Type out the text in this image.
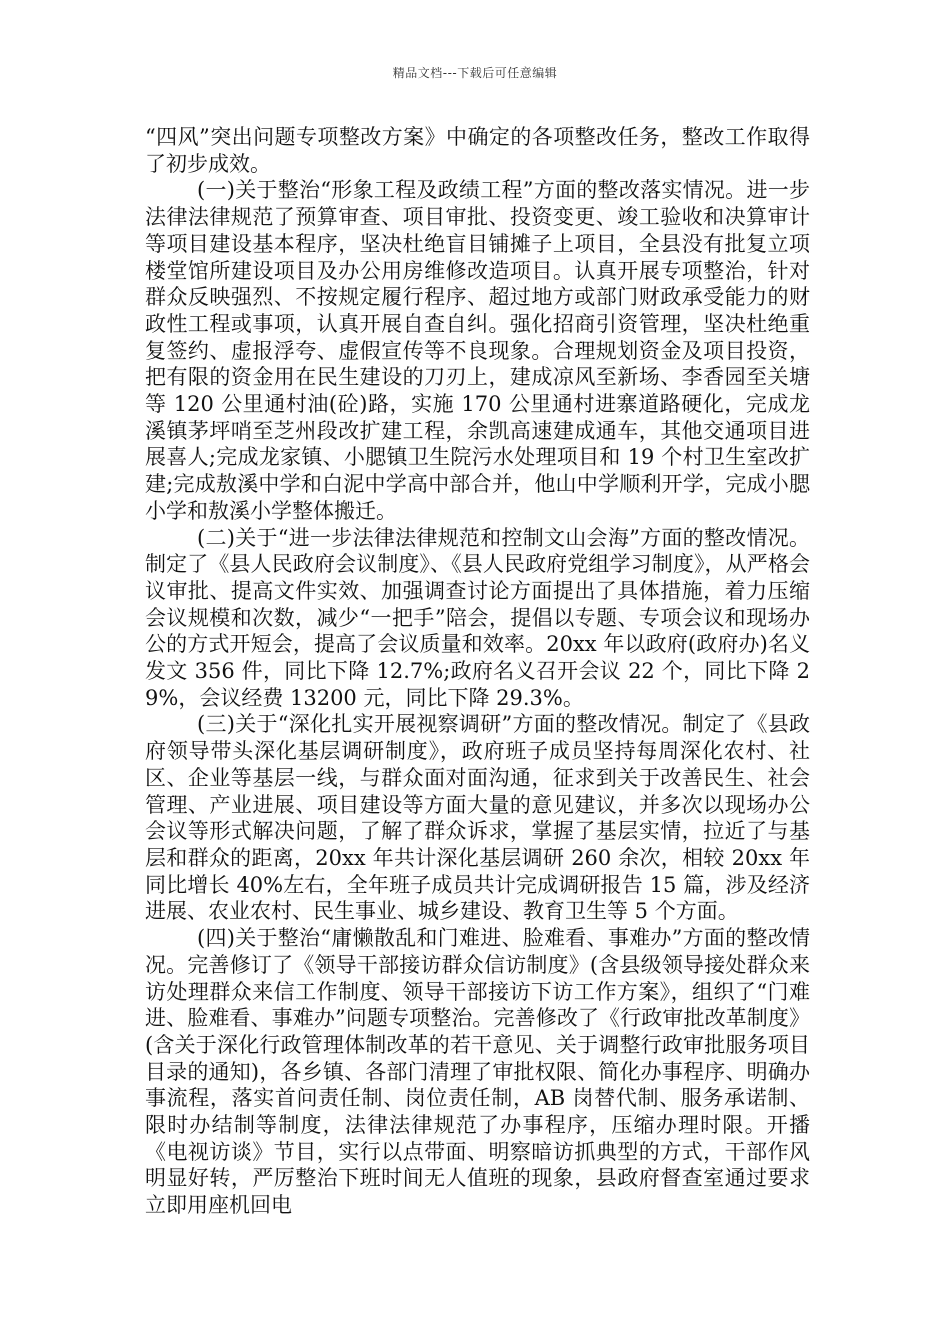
精品文档---下载后可任意编辑

“四风”突出问题专项整改方案》中确定的各项整改任务，整改工作取得了初步成效。

(一)关于整治“形象工程及政绩工程”方面的整改落实情况。进一步法律法律规范了预算审查、项目审批、投资变更、竣工验收和决算审计等项目建设基本程序，坚决杜绝盲目铺摊子上项目，全县没有批复立项楼堂馆所建设项目及办公用房维修改造项目。认真开展专项整治，针对群众反映强烈、不按规定履行程序、超过地方或部门财政承受能力的财政性工程或事项，认真开展自查自纠。强化招商引资管理，坚决杜绝重复签约、虚报浮夸、虚假宣传等不良现象。合理规划资金及项目投资，把有限的资金用在民生建设的刀刃上，建成凉风至新场、李香园至关塘等 120 公里通村油(砼)路，实施 170 公里通村进寨道路硬化，完成龙溪镇茅坪哨至芝州段改扩建工程，余凯高速建成通车，其他交通项目进展喜人;完成龙家镇、小腮镇卫生院污水处理项目和 19 个村卫生室改扩建;完成敖溪中学和白泥中学高中部合并，他山中学顺利开学，完成小腮小学和敖溪小学整体搬迁。

(二)关于“进一步法律法律规范和控制文山会海”方面的整改情况。制定了《县人民政府会议制度》、《县人民政府党组学习制度》，从严格会议审批、提高文件实效、加强调查讨论方面提出了具体措施，着力压缩会议规模和次数，减少“一把手”陪会，提倡以专题、专项会议和现场办公的方式开短会，提高了会议质量和效率。20xx 年以政府(政府办)名义发文 356 件，同比下降 12.7%;政府名义召开会议 22 个，同比下降 29%，会议经费 13200 元，同比下降 29.3%。

(三)关于“深化扎实开展视察调研”方面的整改情况。制定了《县政府领导带头深化基层调研制度》，政府班子成员坚持每周深化农村、社区、企业等基层一线，与群众面对面沟通，征求到关于改善民生、社会管理、产业进展、项目建设等方面大量的意见建议，并多次以现场办公会议等形式解决问题，了解了群众诉求，掌握了基层实情，拉近了与基层和群众的距离，20xx 年共计深化基层调研 260 余次，相较 20xx 年同比增长 40%左右，全年班子成员共计完成调研报告 15 篇，涉及经济进展、农业农村、民生事业、城乡建设、教育卫生等 5 个方面。

(四)关于整治“庸懒散乱和门难进、脸难看、事难办”方面的整改情况。完善修订了《领导干部接访群众信访制度》(含县级领导接处群众来访处理群众来信工作制度、领导干部接访下访工作方案》，组织了“门难进、脸难看、事难办”问题专项整治。完善修改了《行政审批改革制度》(含关于深化行政管理体制改革的若干意见、关于调整行政审批服务项目目录的通知)，各乡镇、各部门清理了审批权限、简化办事程序、明确办事流程，落实首问责任制、岗位责任制，AB 岗替代制、服务承诺制、限时办结制等制度，法律法律规范了办事程序，压缩办理时限。开播《电视访谈》节目，实行以点带面、明察暗访抓典型的方式，干部作风明显好转，严厉整治下班时间无人值班的现象，县政府督查室通过要求立即用座机回电
